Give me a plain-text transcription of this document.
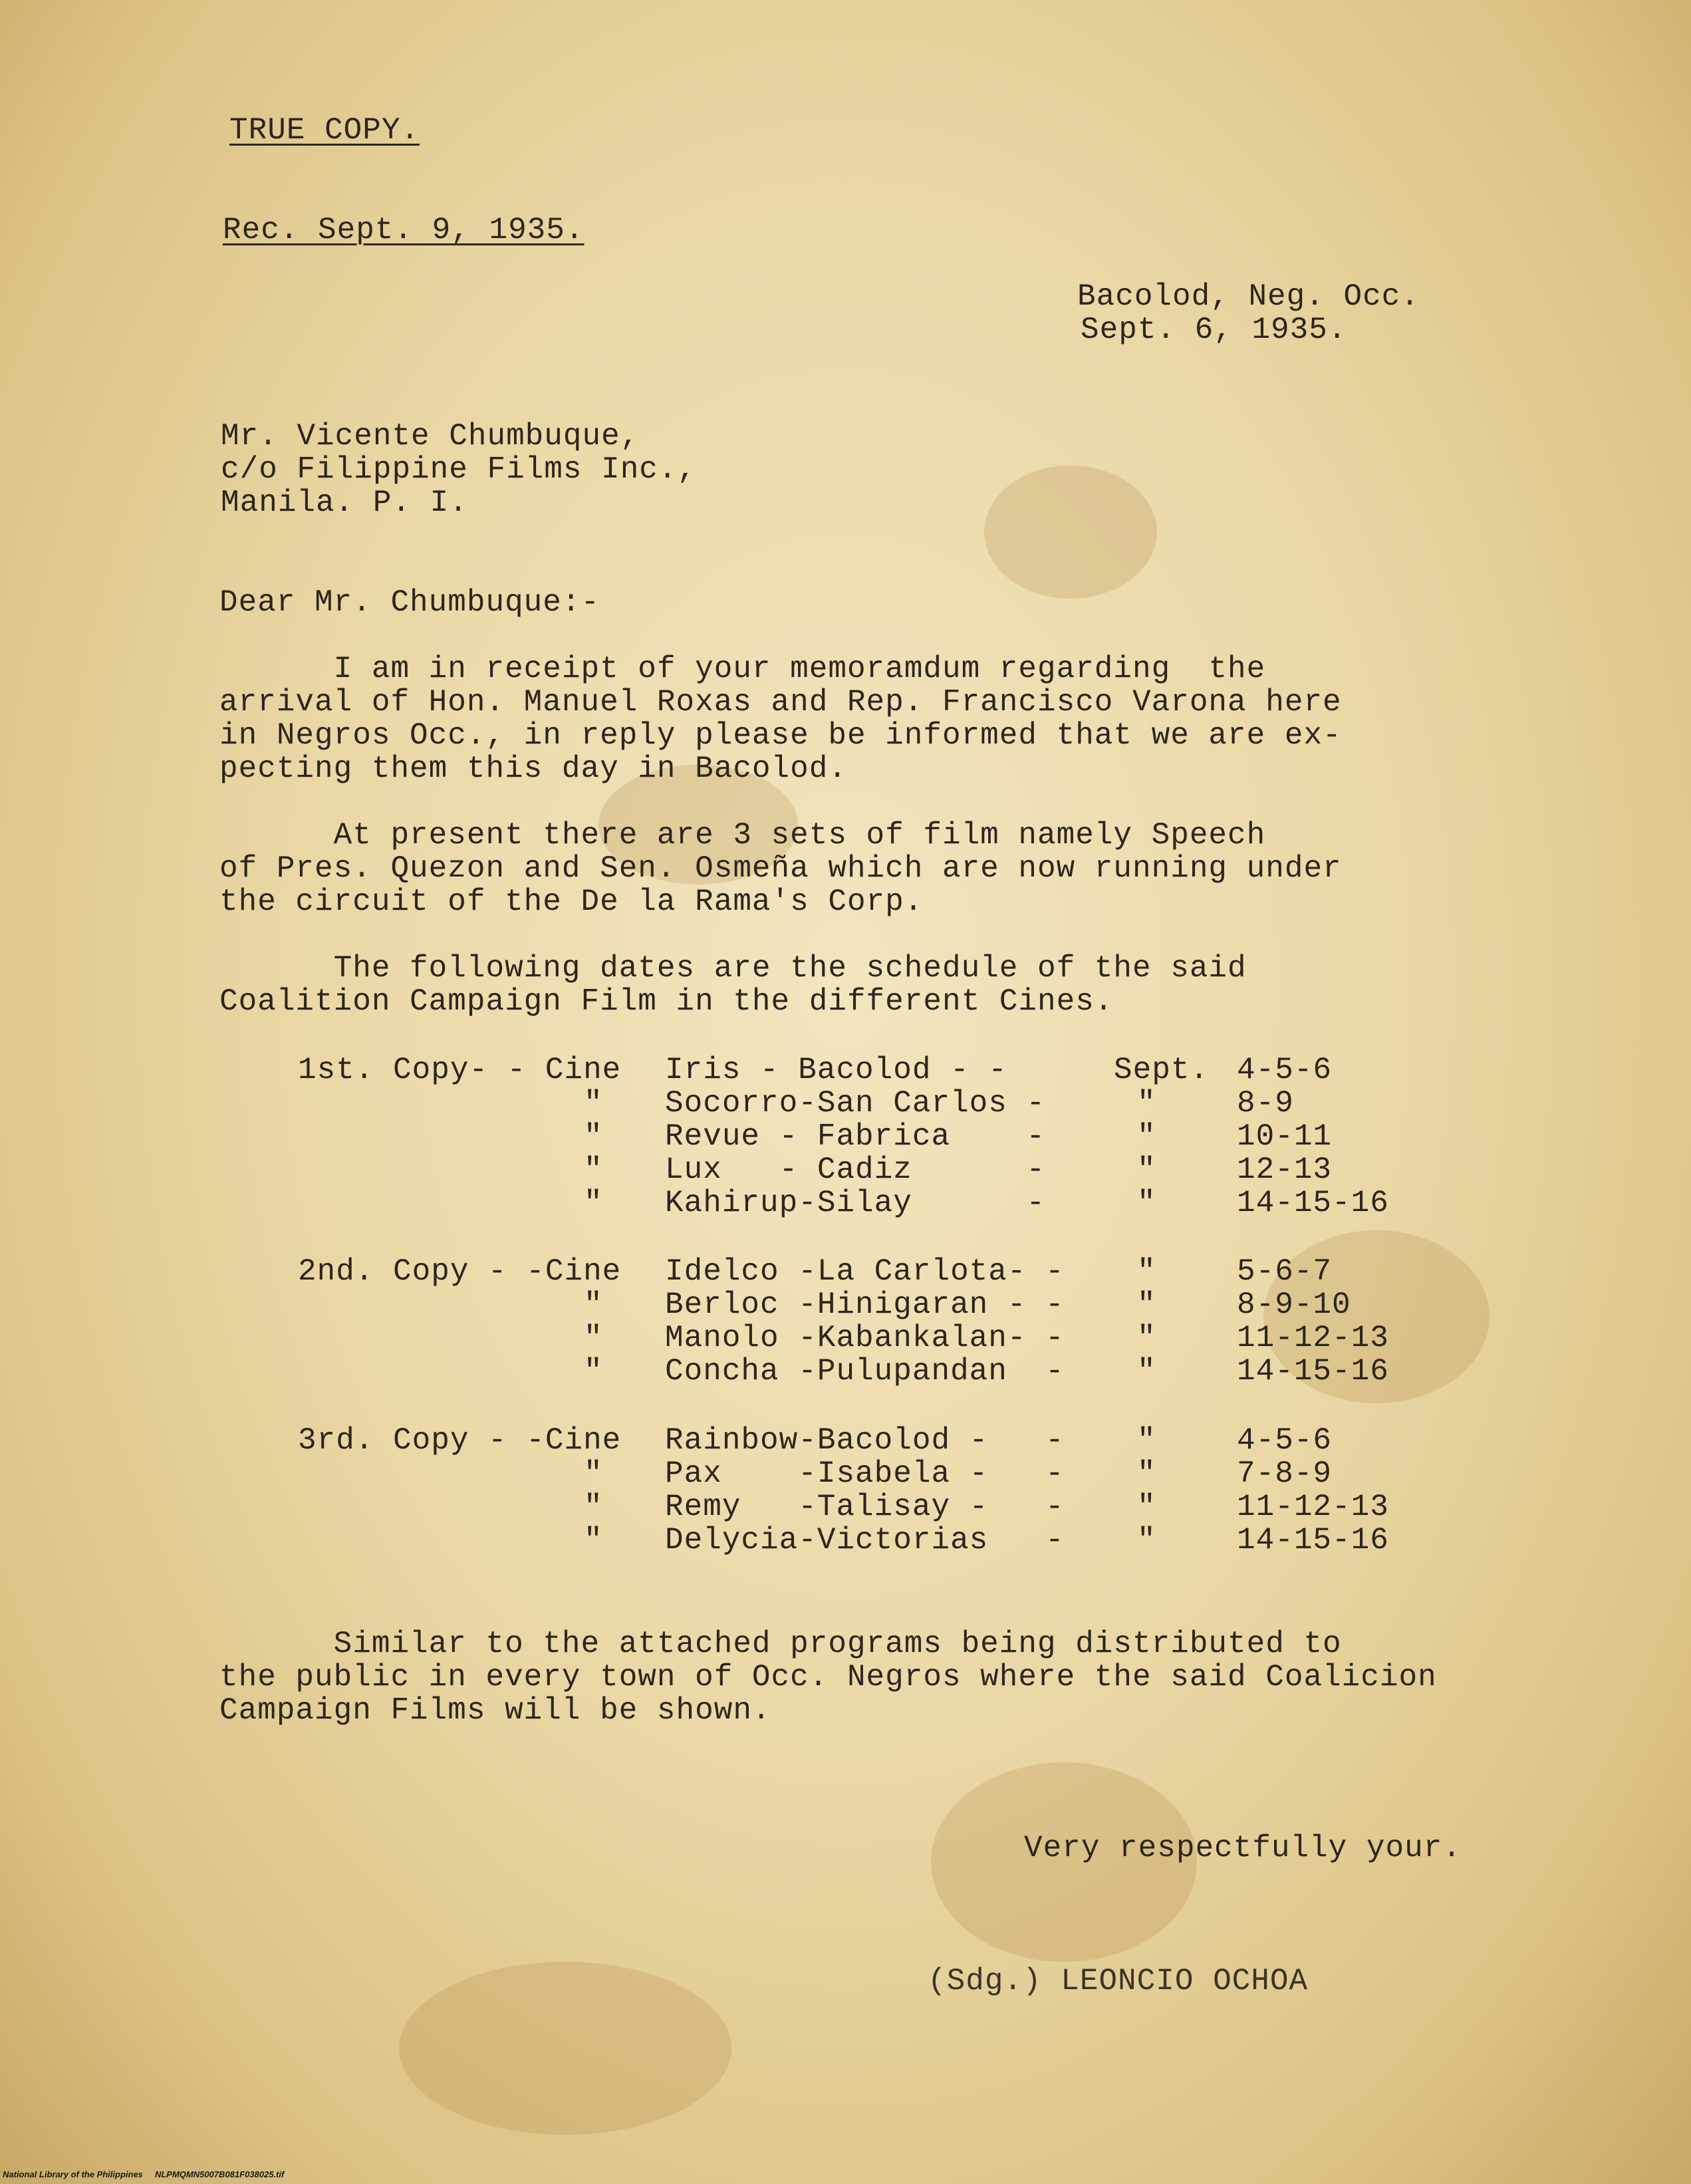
TRUE COPY.
Rec. Sept. 9, 1935.
Bacolod, Neg. Occ.
Sept. 6, 1935.
Mr. Vicente Chumbuque,
c/o Filippine Films Inc.,
Manila. P. I.
Dear Mr. Chumbuque:-
I am in receipt of your memoramdum regarding  the
arrival of Hon. Manuel Roxas and Rep. Francisco Varona here
in Negros Occ., in reply please be informed that we are ex-
pecting them this day in Bacolod.
At present there are 3 sets of film namely Speech
of Pres. Quezon and Sen. Osmeña which are now running under
the circuit of the De la Rama's Corp.
The following dates are the schedule of the said
Coalition Campaign Film in the different Cines.
1st. Copy- - Cine Iris - Bacolod - -	Sept. 4-5-6
" Socorro-San Carlos -	"	8-9
" Revue - Fabrica    -	"	10-11
" Lux   - Cadiz      -	"	12-13
" Kahirup-Silay      -	"	14-15-16
2nd. Copy - -Cine Idelco -La Carlota- - "	5-6-7
" Berloc -Hinigaran - - "	8-9-10
" Manolo -Kabankalan- - "	11-12-13
" Concha -Pulupandan  - "	14-15-16
3rd. Copy - -Cine Rainbow-Bacolod -   - "	4-5-6
" Pax    -Isabela -   - "	7-8-9
" Remy   -Talisay -   - "	11-12-13
" Delycia-Victorias   - "	14-15-16
Similar to the attached programs being distributed to
the public in every town of Occ. Negros where the said Coalicion
Campaign Films will be shown.
Very respectfully your.
(Sdg.) LEONCIO OCHOA
National Library of the Philippines     NLPMQMN5007B081F038025.tif
